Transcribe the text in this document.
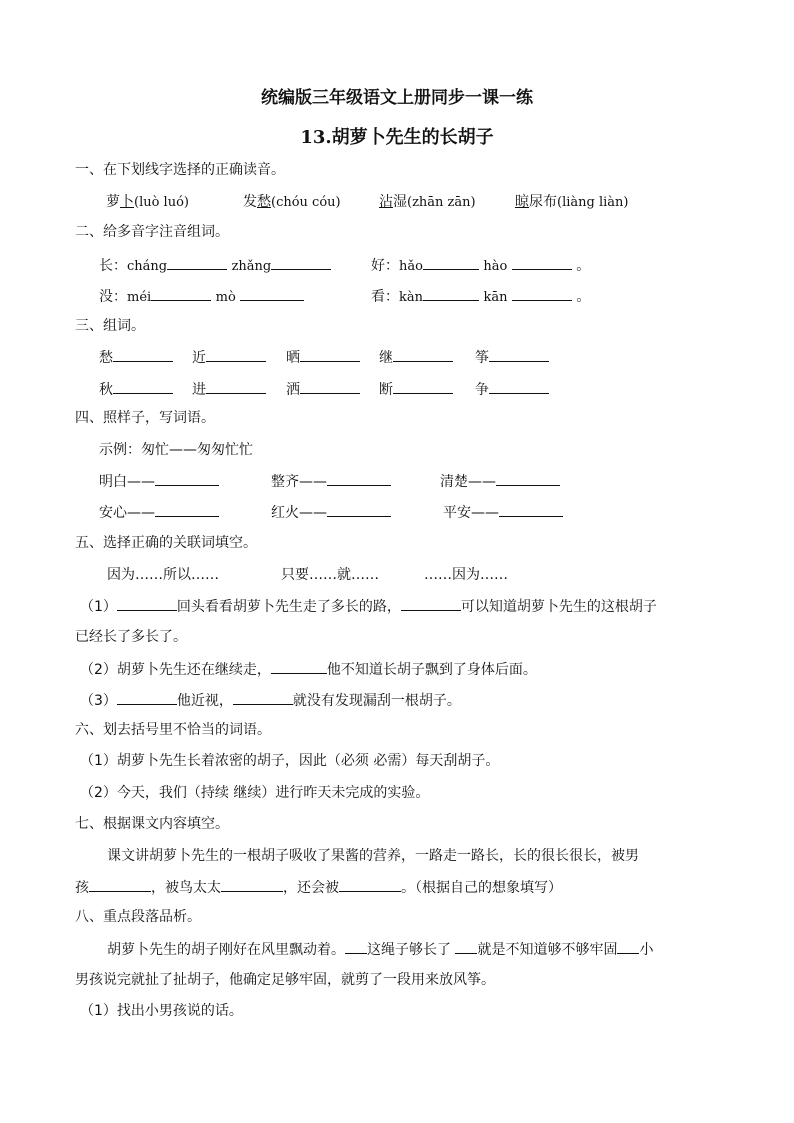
统编版三年级语文上册同步一课一练
13.胡萝卜先生的长胡子
一、在下划线字选择的正确读音。
萝卜(luò luó)	发愁(chóu cóu)	沾湿(zhān zān)	晾尿布(liàng liàn)
二、给多音字注音组词。
长：cháng	zhǎng	好：hǎo	hào	。
没：méi	mò	看：kàn	kān	。
三、组词。
愁	近	晒	继	筝
秋	进	洒	断	争
四、照样子，写词语。
示例：匆忙——匆匆忙忙
明白——	整齐——	清楚——
安心——	红火——	平安——
五、选择正确的关联词填空。
因为……所以……	只要……就……	……因为……
（1）	回头看看胡萝卜先生走了多长的路，	可以知道胡萝卜先生的这根胡子
已经长了多长了。
（2）胡萝卜先生还在继续走，	他不知道长胡子飘到了身体后面。
（3）	他近视，	就没有发现漏刮一根胡子。
六、划去括号里不恰当的词语。
（1）胡萝卜先生长着浓密的胡子，因此（必须 必需）每天刮胡子。
（2）今天，我们（持续 继续）进行昨天未完成的实验。
七、根据课文内容填空。
课文讲胡萝卜先生的一根胡子吸收了果酱的营养，一路走一路长，长的很长很长，被男
孩	，被鸟太太	，还会被	。（根据自己的想象填写）
八、重点段落品析。
胡萝卜先生的胡子刚好在风里飘动着。 这绳子够长了 就是不知道够不够牢固 小
男孩说完就扯了扯胡子，他确定足够牢固，就剪了一段用来放风筝。
（1）找出小男孩说的话。
